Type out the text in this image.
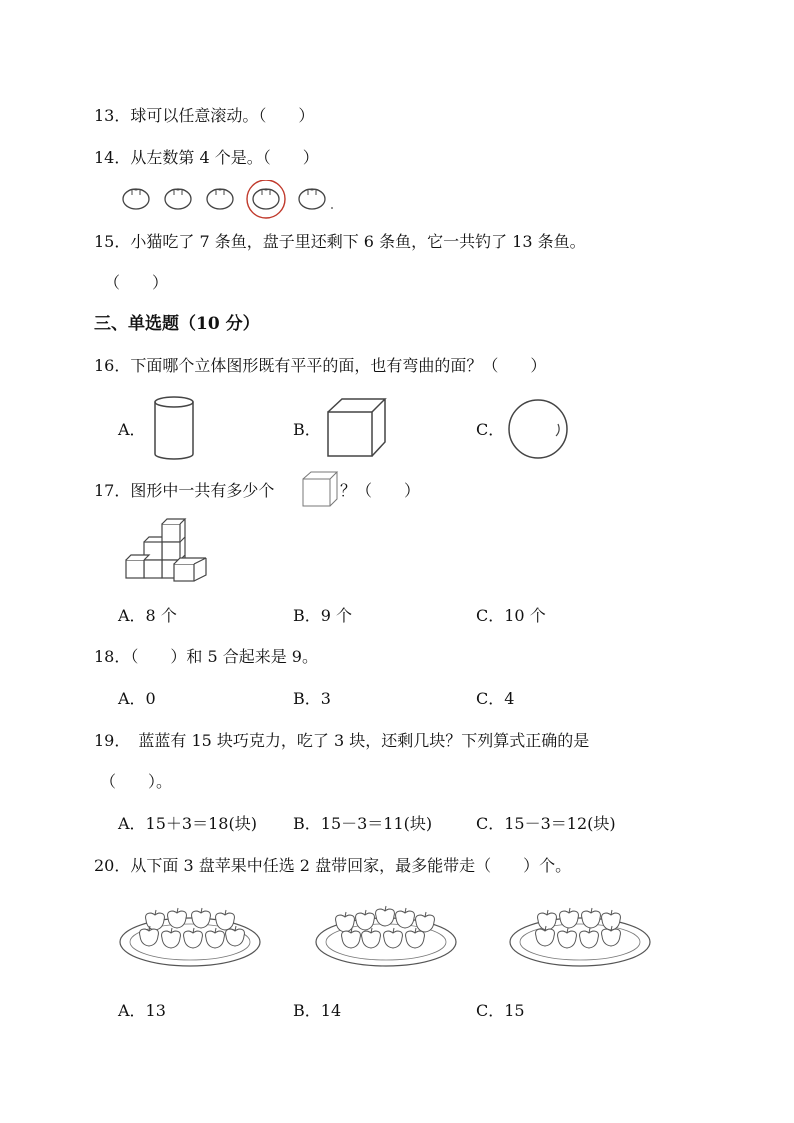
13．球可以任意滚动。（　　）
14．从左数第 4 个是。（　　）
15．小猫吃了 7 条鱼，盘子里还剩下 6 条鱼，它一共钓了 13 条鱼。
（　　）
三、单选题（10 分）
16．下面哪个立体图形既有平平的面，也有弯曲的面？（　　）
A．	B．	C．
17．图形中一共有多少个	？（　　）
A．8 个	B．9 个	C．10 个
18．（　　）和 5 合起来是 9。
A．0	B．3	C．4
19．　蓝蓝有 15 块巧克力，吃了 3 块，还剩几块？下列算式正确的是
（　　）。
A．15＋3＝18(块) B．15－3＝11(块)	C．15－3＝12(块)
20．从下面 3 盘苹果中任选 2 盘带回家，最多能带走（　　）个。
A．13	B．14	C．15
